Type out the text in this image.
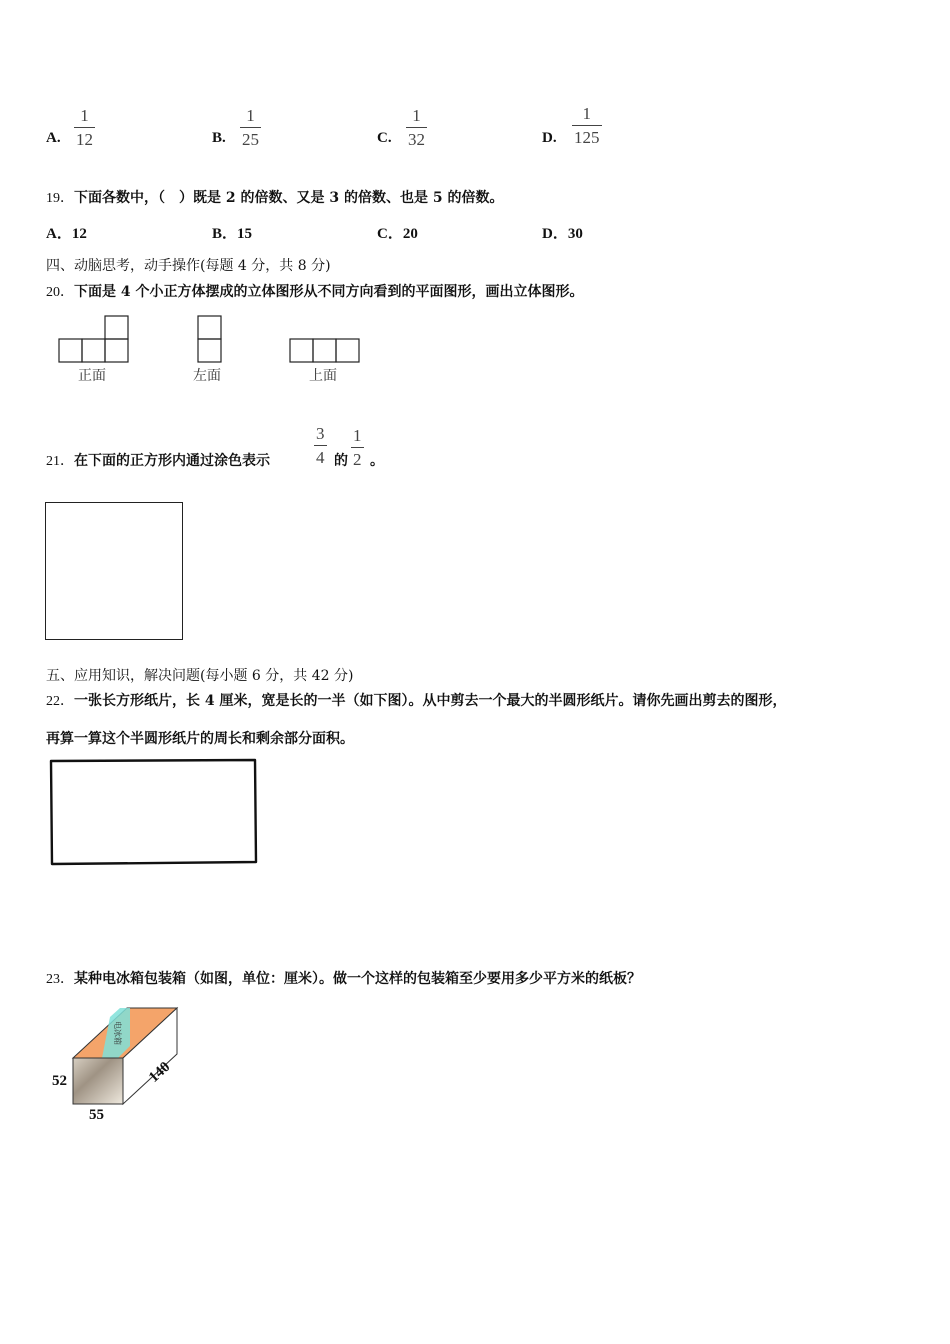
A.
1
12	B.
1
25	C.
1
32	D.
1
125
19．下面各数中，（　）既是 2 的倍数、又是 3 的倍数、也是 5 的倍数。
A．12	B．15	C．20	D．30
四、动脑思考，动手操作(每题 4 分，共 8 分)
20．下面是 4 个小正方体摆成的立体图形从不同方向看到的平面图形，画出立体图形。
正面	左面	上面
21．在下面的正方形内通过涂色表示
3
4 的
1
2 。
五、应用知识，解决问题(每小题 6 分，共 42 分)
22．一张长方形纸片，长 4 厘米，宽是长的一半（如下图）。从中剪去一个最大的半圆形纸片。请你先画出剪去的图形，
再算一算这个半圆形纸片的周长和剩余部分面积。
23．某种电冰箱包装箱（如图，单位：厘米）。做一个这样的包装箱至少要用多少平方米的纸板？
电冰箱
52
55
140
